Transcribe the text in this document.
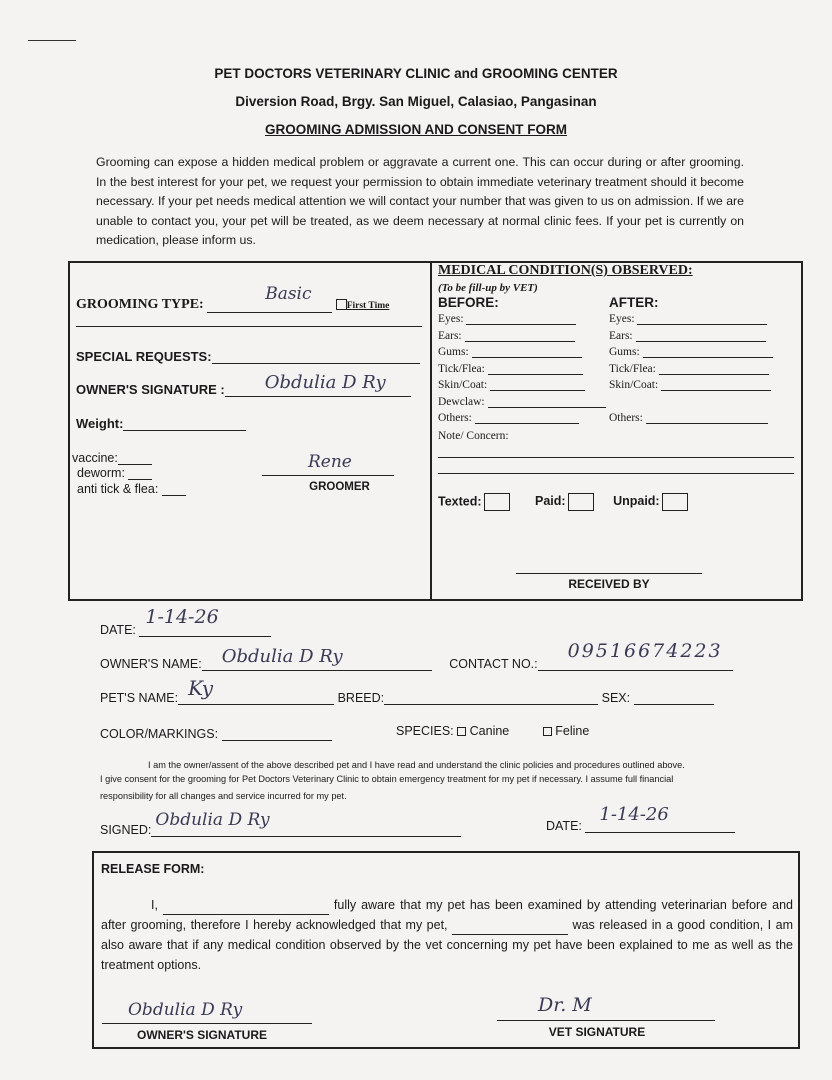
PET DOCTORS VETERINARY CLINIC and GROOMING CENTER
Diversion Road, Brgy. San Miguel, Calasiao, Pangasinan
GROOMING ADMISSION AND CONSENT FORM
Grooming can expose a hidden medical problem or aggravate a current one. This can occur during or after grooming. In the best interest for your pet, we request your permission to obtain immediate veterinary treatment should it become necessary. If your pet needs medical attention we will contact your number that was given to us on admission. If we are unable to contact you, your pet will be treated, as we deem necessary at normal clinic fees. If your pet is currently on medication, please inform us.
GROOMING TYPE:
Basic
First Time
SPECIAL REQUESTS:
OWNER'S SIGNATURE : Obdulia D Ry
Weight:
vaccine:
deworm:
anti tick & flea:
Rene
GROOMER
MEDICAL CONDITION(S) OBSERVED:
(To be fill-up by VET)
BEFORE:	AFTER:
Eyes:	Eyes:
Ears:	Ears:
Gums:	Gums:
Tick/Flea:	Tick/Flea:
Skin/Coat:	Skin/Coat:
Dewclaw:
Others:	Others:
Note/ Concern:
Texted:	Paid:	Unpaid:
RECEIVED BY
DATE:
1-14-26
OWNER'S NAME: Obdulia D Ry	CONTACT NO.:
09516674223
PET'S NAME: Ky	BREED:	SEX:
COLOR/MARKINGS:	SPECIES: Canine	Feline
I am the owner/assent of the above described pet and I have read and understand the clinic policies and procedures outlined above.
I give consent for the grooming for Pet Doctors Veterinary Clinic to obtain emergency treatment for my pet if necessary. I assume full financial
responsibility for all changes and service incurred for my pet.
SIGNED: Obdulia D Ry	DATE:
1-14-26
RELEASE FORM:
I,	fully aware that my pet has been examined by attending veterinarian before and after grooming, therefore I hereby acknowledged that my pet,	was released in a good condition, I am also aware that if any medical condition observed by the vet concerning my pet have been explained to me as well as the treatment options.
Obdulia D Ry
OWNER'S SIGNATURE
Dr. M
VET SIGNATURE
